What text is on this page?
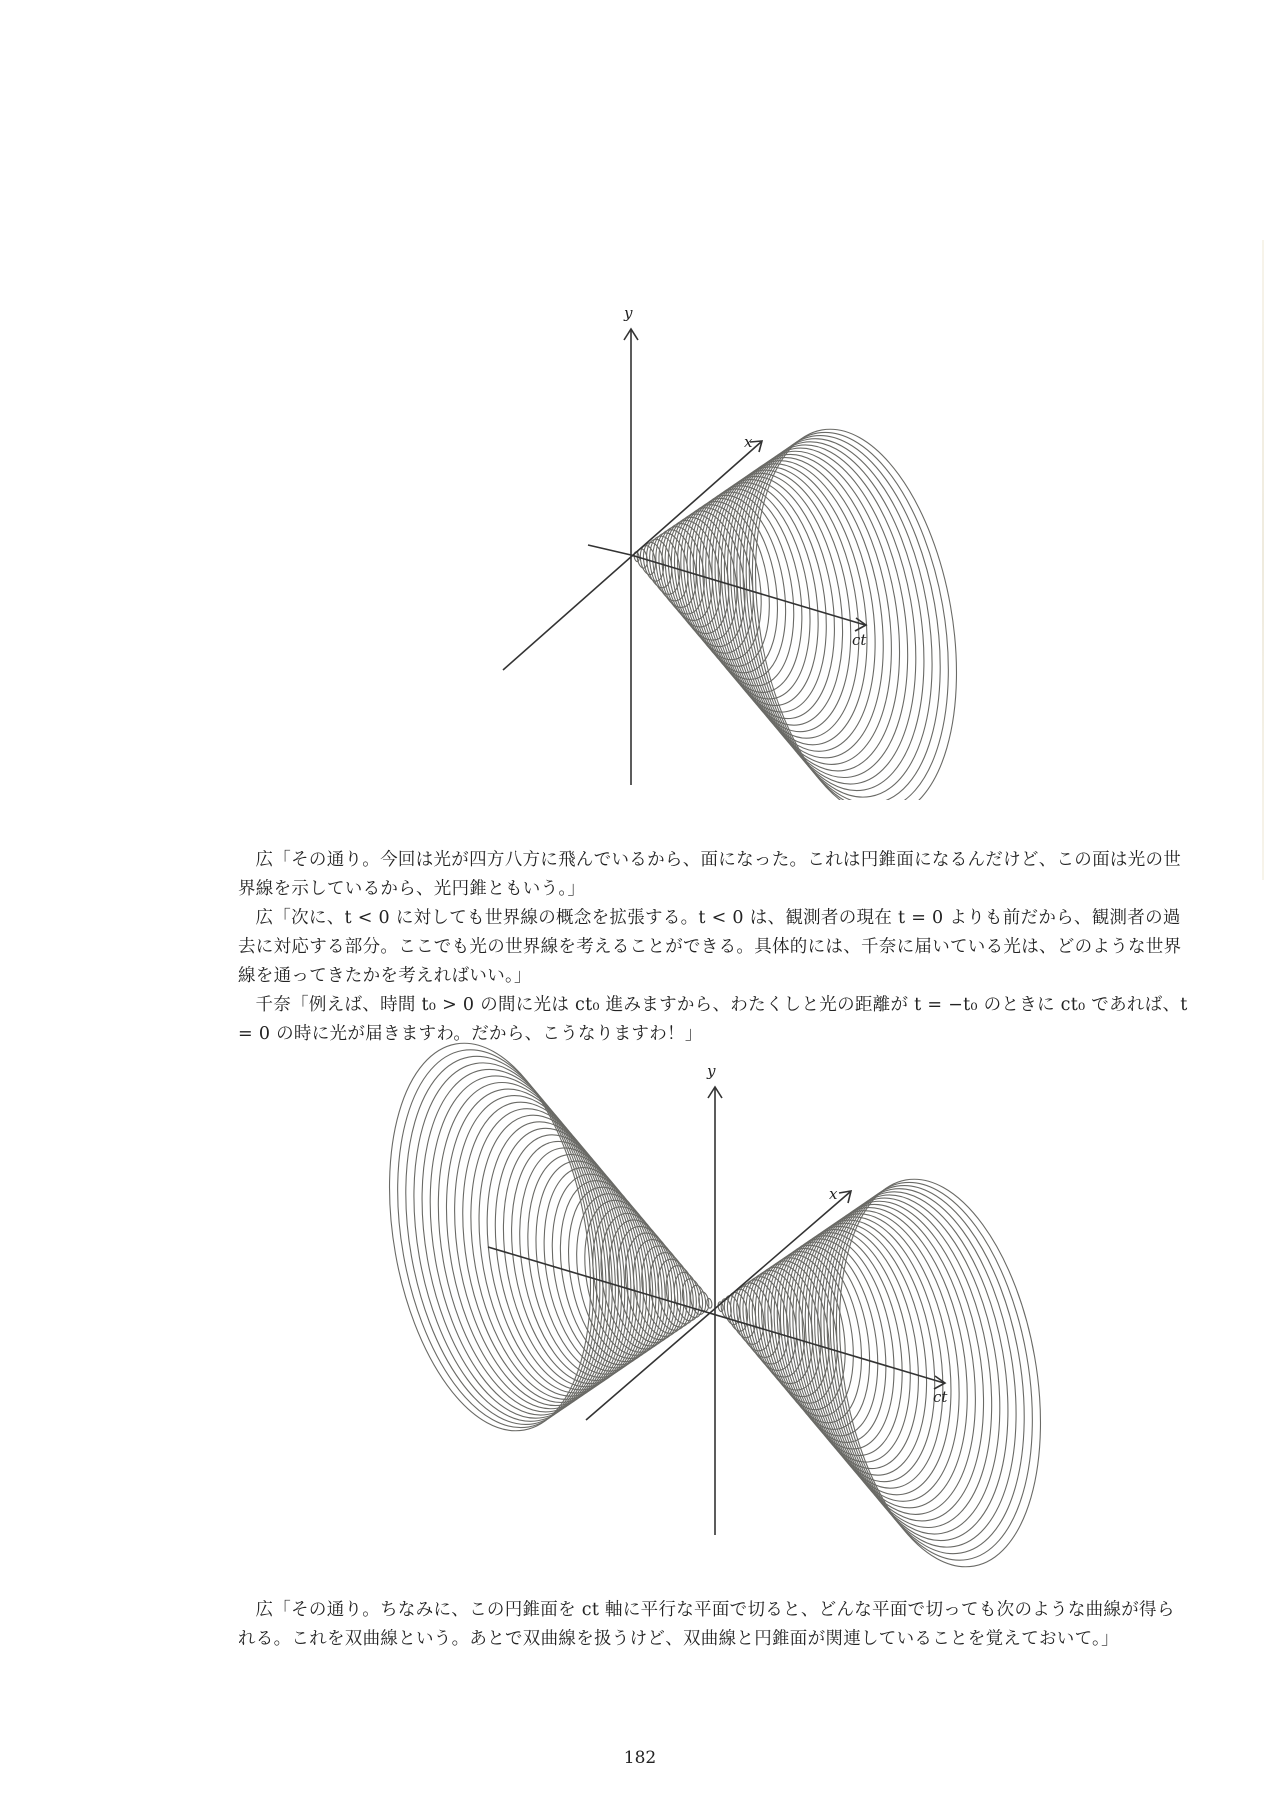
y
x
ct

広「その通り。今回は光が四方八方に飛んでいるから、面になった。これは円錐面になるんだけど、この面は光の世界線を示しているから、光円錐ともいう。」

広「次に、t < 0 に対しても世界線の概念を拡張する。t < 0 は、観測者の現在 t = 0 よりも前だから、観測者の過去に対応する部分。ここでも光の世界線を考えることができる。具体的には、千奈に届いている光は、どのような世界線を通ってきたかを考えればいい。」

千奈「例えば、時間 t₀ > 0 の間に光は ct₀ 進みますから、わたくしと光の距離が t = −t₀ のときに ct₀ であれば、t = 0 の時に光が届きますわ。だから、こうなりますわ！」

y
x
ct

広「その通り。ちなみに、この円錐面を ct 軸に平行な平面で切ると、どんな平面で切っても次のような曲線が得られる。これを双曲線という。あとで双曲線を扱うけど、双曲線と円錐面が関連していることを覚えておいて。」

182
